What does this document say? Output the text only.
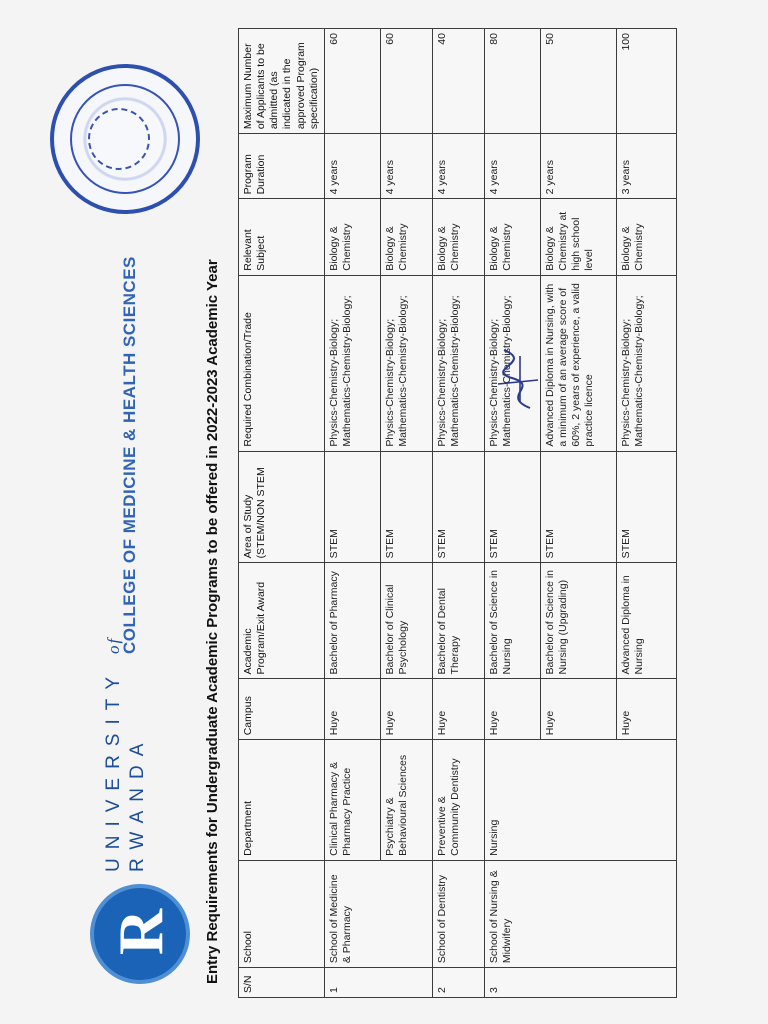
R
UNIVERSITY of
RWANDA
COLLEGE OF MEDICINE & HEALTH SCIENCES	Entry Requirements for Undergraduate Academic Programs to be offered in 2022-2023 Academic Year
S/N	School	Department	Campus	Academic Program/Exit Award	Area of Study (STEM/NON STEM	Required Combination/Trade	Relevant Subject	Program Duration	Maximum Number of Applicants to be admitted (as indicated in the approved Program specification)
1	School of Medicine & Pharmacy	Clinical Pharmacy & Pharmacy Practice	Huye	Bachelor of Pharmacy	STEM	Physics-Chemistry-Biology; Mathematics-Chemistry-Biology;	Biology & Chemistry	4 years	60
		Psychiatry & Behavioural Sciences	Huye	Bachelor of Clinical Psychology	STEM	Physics-Chemistry-Biology; Mathematics-Chemistry-Biology;	Biology & Chemistry	4 years	60
2	School of Dentistry	Preventive & Community Dentistry	Huye	Bachelor of Dental Therapy	STEM	Physics-Chemistry-Biology; Mathematics-Chemistry-Biology;	Biology & Chemistry	4 years	40
3	School of Nursing & Midwifery	Nursing	Huye	Bachelor of Science in Nursing	STEM	Physics-Chemistry-Biology; Mathematics-Chemistry-Biology;	Biology & Chemistry	4 years	80
			Huye	Bachelor of Science in Nursing (Upgrading)	STEM	Advanced Diploma in Nursing, with a minimum of an average score of 60%, 2 years of experience, a valid practice licence	Biology & Chemistry at high school level	2 years	50
			Huye	Advanced Diploma in Nursing	STEM	Physics-Chemistry-Biology; Mathematics-Chemistry-Biology;	Biology & Chemistry	3 years	100
